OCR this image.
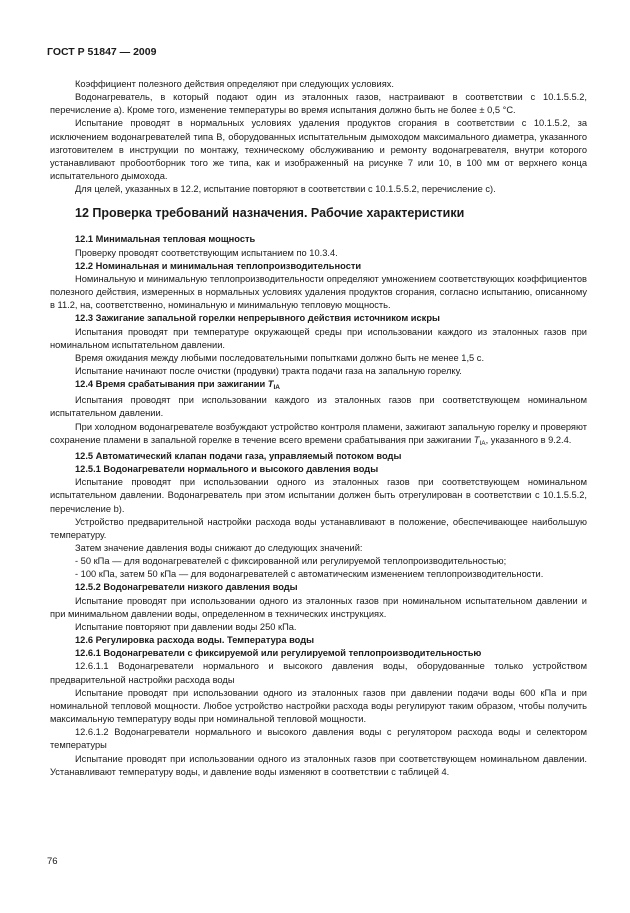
ГОСТ Р 51847 — 2009

Коэффициент полезного действия определяют при следующих условиях.

Водонагреватель, в который подают один из эталонных газов, настраивают в соответствии с 10.1.5.5.2, перечисление a). Кроме того, изменение температуры во время испытания должно быть не более ± 0,5 °С.

Испытание проводят в нормальных условиях удаления продуктов сгорания в соответствии с 10.1.5.2, за исключением водонагревателей типа В, оборудованных испытательным дымоходом максимального диаметра, указанного изготовителем в инструкции по монтажу, техническому обслуживанию и ремонту водонагревателя, внутри которого устанавливают пробоотборник того же типа, как и изображенный на рисунке 7 или 10, в 100 мм от верхнего конца испытательного дымохода.

Для целей, указанных в 12.2, испытание повторяют в соответствии с 10.1.5.5.2, перечисление с).

12 Проверка требований назначения. Рабочие характеристики

12.1 Минимальная тепловая мощность

Проверку проводят соответствующим испытанием по 10.3.4.

12.2 Номинальная и минимальная теплопроизводительности

Номинальную и минимальную теплопроизводительности определяют умножением соответствующих коэффициентов полезного действия, измеренных в нормальных условиях удаления продуктов сгорания, согласно испытанию, описанному в 11.2, на, соответственно, номинальную и минимальную тепловую мощность.

12.3 Зажигание запальной горелки непрерывного действия источником искры

Испытания проводят при температуре окружающей среды при использовании каждого из эталонных газов при номинальном испытательном давлении.

Время ожидания между любыми последовательными попытками должно быть не менее 1,5 с.

Испытание начинают после очистки (продувки) тракта подачи газа на запальную горелку.

12.4 Время срабатывания при зажигании $T_{IA}$

Испытания проводят при использовании каждого из эталонных газов при соответствующем номинальном испытательном давлении.

При холодном водонагревателе возбуждают устройство контроля пламени, зажигают запальную горелку и проверяют сохранение пламени в запальной горелке в течение всего времени срабатывания при зажигании $T_{IA}$, указанного в 9.2.4.

12.5 Автоматический клапан подачи газа, управляемый потоком воды

12.5.1 Водонагреватели нормального и высокого давления воды

Испытание проводят при использовании одного из эталонных газов при соответствующем номинальном испытательном давлении. Водонагреватель при этом испытании должен быть отрегулирован в соответствии с 10.1.5.5.2, перечисление b).

Устройство предварительной настройки расхода воды устанавливают в положение, обеспечивающее наибольшую температуру.

Затем значение давления воды снижают до следующих значений:

- 50 кПа — для водонагревателей с фиксированной или регулируемой теплопроизводительностью;

- 100 кПа, затем 50 кПа — для водонагревателей с автоматическим изменением теплопроизводительности.

12.5.2 Водонагреватели низкого давления воды

Испытание проводят при использовании одного из эталонных газов при номинальном испытательном давлении и при минимальном давлении воды, определенном в технических инструкциях.

Испытание повторяют при давлении воды 250 кПа.

12.6 Регулировка расхода воды. Температура воды

12.6.1 Водонагреватели с фиксируемой или регулируемой теплопроизводительностью

12.6.1.1 Водонагреватели нормального и высокого давления воды, оборудованные только устройством предварительной настройки расхода воды

Испытание проводят при использовании одного из эталонных газов при давлении подачи воды 600 кПа и при номинальной тепловой мощности. Любое устройство настройки расхода воды регулируют таким образом, чтобы получить максимальную температуру воды при номинальной тепловой мощности.

12.6.1.2 Водонагреватели нормального и высокого давления воды с регулятором расхода воды и селектором температуры

Испытание проводят при использовании одного из эталонных газов при соответствующем номинальном давлении. Устанавливают температуру воды, и давление воды изменяют в соответствии с таблицей 4.

76
